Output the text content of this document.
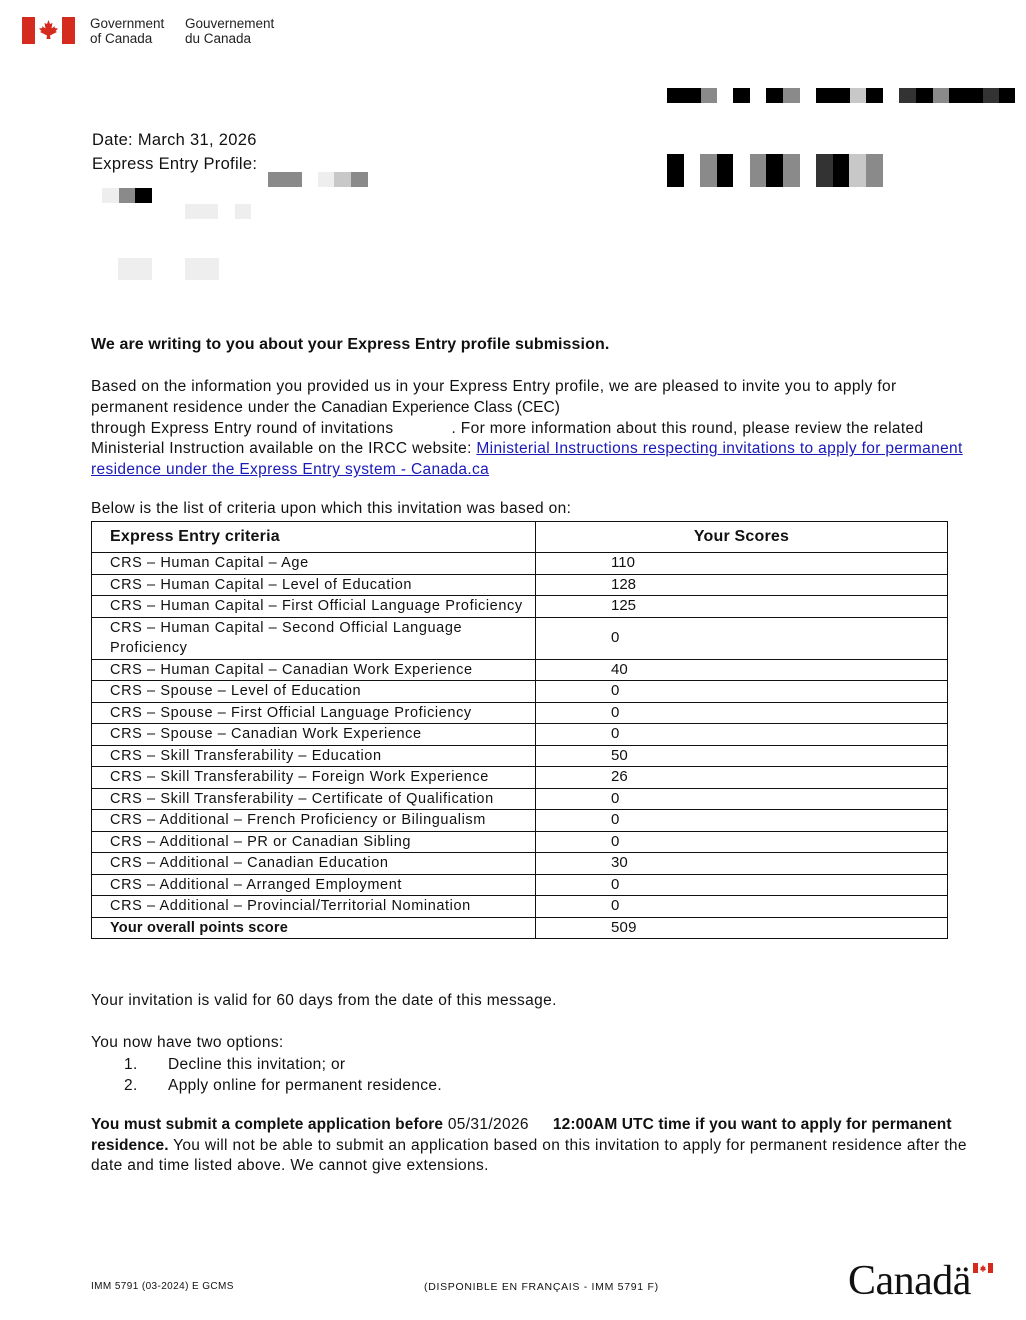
Government
of Canada
Gouvernement
du Canada
Date: March 31, 2026
Express Entry Profile:
We are writing to you about your Express Entry profile submission.
Based on the information you provided us in your Express Entry profile, we are pleased to invite you to apply for permanent residence under the Canadian Experience Class (CEC)
through Express Entry round of invitations	. For more information about this round, please review the related Ministerial Instruction available on the IRCC website: Ministerial Instructions respecting invitations to apply for permanent residence under the Express Entry system - Canada.ca
Below is the list of criteria upon which this invitation was based on:
Express Entry criteria	Your Scores
CRS – Human Capital – Age	110
CRS – Human Capital – Level of Education	128
CRS – Human Capital – First Official Language Proficiency	125
CRS – Human Capital – Second Official Language Proficiency	0
CRS – Human Capital – Canadian Work Experience	40
CRS – Spouse – Level of Education	0
CRS – Spouse – First Official Language Proficiency	0
CRS – Spouse – Canadian Work Experience	0
CRS – Skill Transferability – Education	50
CRS – Skill Transferability – Foreign Work Experience	26
CRS – Skill Transferability – Certificate of Qualification	0
CRS – Additional – French Proficiency or Bilingualism	0
CRS – Additional – PR or Canadian Sibling	0
CRS – Additional – Canadian Education	30
CRS – Additional – Arranged Employment	0
CRS – Additional – Provincial/Territorial Nomination	0
Your overall points score	509
Your invitation is valid for 60 days from the date of this message.
You now have two options:
1. Decline this invitation; or
2. Apply online for permanent residence.
You must submit a complete application before 05/31/2026 12:00AM UTC time if you want to apply for permanent residence. You will not be able to submit an application based on this invitation to apply for permanent residence after the date and time listed above. We cannot give extensions.
IMM 5791 (03-2024) E GCMS	(DISPONIBLE EN FRANÇAIS - IMM 5791 F)	Canadä
